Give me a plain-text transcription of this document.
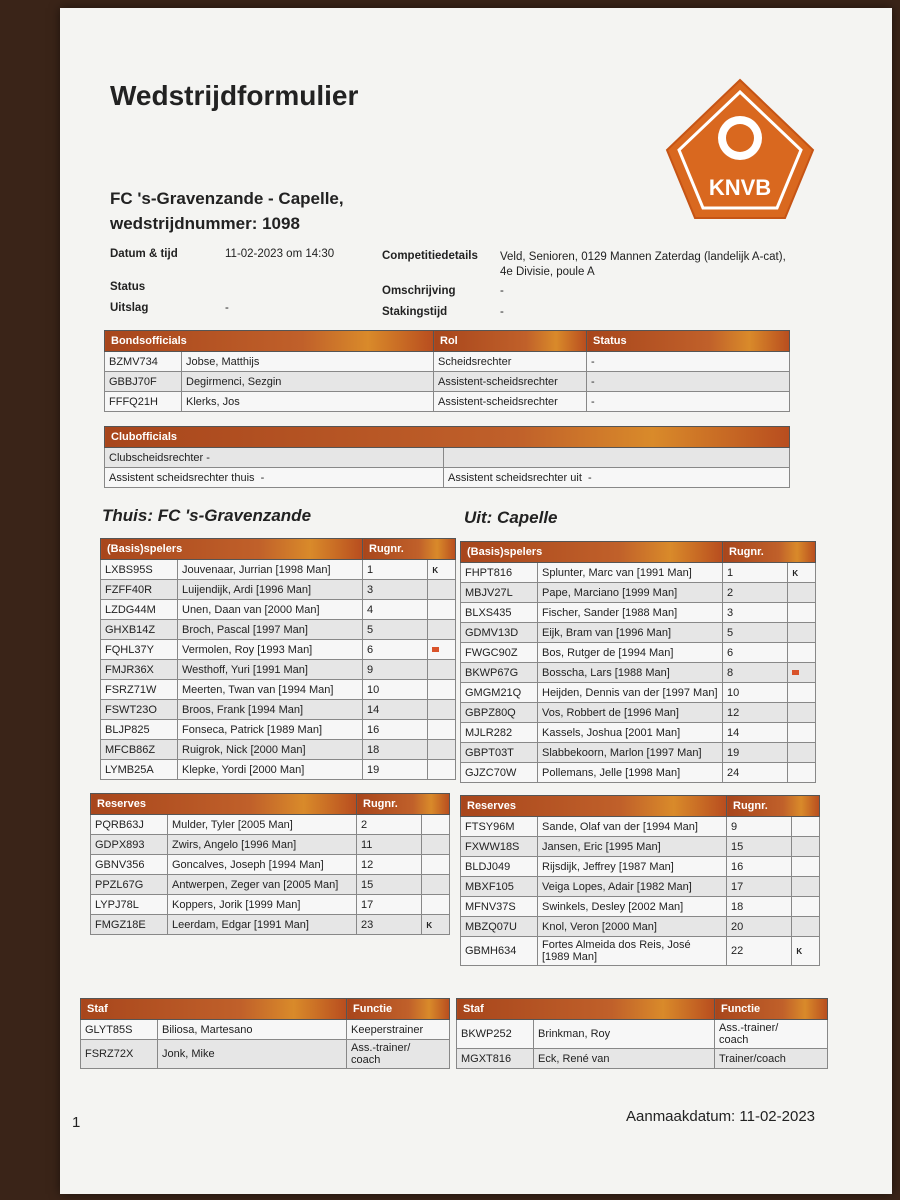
Wedstrijdformulier
FC 's-Gravenzande - Capelle,
wedstrijdnummer: 1098
KNVB
Datum & tijd	11-02-2023 om 14:30
Status
Uitslag	-
Competitiedetails	Veld, Senioren, 0129 Mannen Zaterdag (landelijk A-cat),
4e Divisie, poule A
Omschrijving	-
Stakingstijd	-
Bondsofficials		Rol	Status
BZMV734	Jobse, Matthijs	Scheidsrechter	-
GBBJ70F	Degirmenci, Sezgin	Assistent-scheidsrechter	-
FFFQ21H	Klerks, Jos	Assistent-scheidsrechter	-
Clubofficials	
Clubscheidsrechter -	
Assistent scheidsrechter thuis -	Assistent scheidsrechter uit -
Thuis: FC 's-Gravenzande	Uit: Capelle
(Basis)spelers		Rugnr.	
LXBS95S	Jouvenaar, Jurrian [1998 Man]	1	K
FZFF40R	Luijendijk, Ardi [1996 Man]	3	
LZDG44M	Unen, Daan van [2000 Man]	4	
GHXB14Z	Broch, Pascal [1997 Man]	5	
FQHL37Y	Vermolen, Roy [1993 Man]	6	
FMJR36X	Westhoff, Yuri [1991 Man]	9	
FSRZ71W	Meerten, Twan van [1994 Man]	10	
FSWT23O	Broos, Frank [1994 Man]	14	
BLJP825	Fonseca, Patrick [1989 Man]	16	
MFCB86Z	Ruigrok, Nick [2000 Man]	18	
LYMB25A	Klepke, Yordi [2000 Man]	19	
Reserves		Rugnr.	
PQRB63J	Mulder, Tyler [2005 Man]	2	
GDPX893	Zwirs, Angelo [1996 Man]	11	
GBNV356	Goncalves, Joseph [1994 Man]	12	
PPZL67G	Antwerpen, Zeger van [2005 Man]	15	
LYPJ78L	Koppers, Jorik [1999 Man]	17	
FMGZ18E	Leerdam, Edgar [1991 Man]	23	K
(Basis)spelers		Rugnr.	
FHPT816	Splunter, Marc van [1991 Man]	1	K
MBJV27L	Pape, Marciano [1999 Man]	2	
BLXS435	Fischer, Sander [1988 Man]	3	
GDMV13D	Eijk, Bram van [1996 Man]	5	
FWGC90Z	Bos, Rutger de [1994 Man]	6	
BKWP67G	Bosscha, Lars [1988 Man]	8	
GMGM21Q	Heijden, Dennis van der [1997 Man]	10	
GBPZ80Q	Vos, Robbert de [1996 Man]	12	
MJLR282	Kassels, Joshua [2001 Man]	14	
GBPT03T	Slabbekoorn, Marlon [1997 Man]	19	
GJZC70W	Pollemans, Jelle [1998 Man]	24	
Reserves		Rugnr.	
FTSY96M	Sande, Olaf van der [1994 Man]	9	
FXWW18S	Jansen, Eric [1995 Man]	15	
BLDJ049	Rijsdijk, Jeffrey [1987 Man]	16	
MBXF105	Veiga Lopes, Adair [1982 Man]	17	
MFNV37S	Swinkels, Desley [2002 Man]	18	
MBZQ07U	Knol, Veron [2000 Man]	20	
GBMH634	Fortes Almeida dos Reis, José
[1989 Man]	22	K
Staf		Functie
GLYT85S	Biliosa, Martesano	Keeperstrainer

FSRZ72X	Jonk, Mike	Ass.-trainer/
coach
Staf		Functie
BKWP252	Brinkman, Roy	Ass.-trainer/
coach

MGXT816	Eck, René van	Trainer/coach
1	Aanmaakdatum: 11-02-2023
